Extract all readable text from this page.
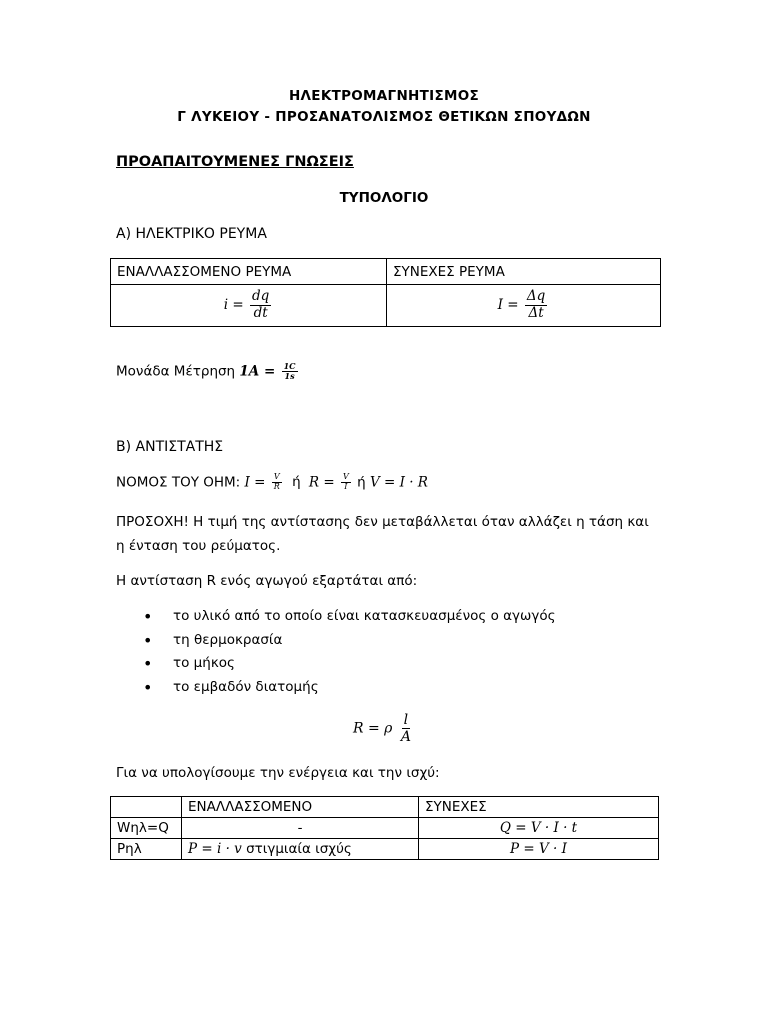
ΗΛΕΚΤΡΟΜΑΓΝΗΤΙΣΜΟΣ
Γ ΛΥΚΕΙΟΥ - ΠΡΟΣΑΝΑΤΟΛΙΣΜΟΣ ΘΕΤΙΚΩΝ ΣΠΟΥΔΩΝ
ΠΡΟΑΠΑΙΤΟΥΜΕΝΕΣ ΓΝΩΣΕΙΣ
ΤΥΠΟΛΟΓΙΟ
Α) ΗΛΕΚΤΡΙΚΟ ΡΕΥΜΑ
ΕΝΑΛΛΑΣΣΟΜΕΝΟ ΡΕΥΜΑ	ΣΥΝΕΧΕΣ ΡΕΥΜΑ
$i = \frac{dq}{dt}$	$I = \frac{\Delta q}{\Delta t}$
Μονάδα Μέτρηση $1A = \frac{1C}{1s}$
Β) ΑΝΤΙΣΤΑΤΗΣ
ΝΟΜΟΣ ΤΟΥ ΟΗΜ: $I = \frac{V}{R}$ ή $R = \frac{V}{I}$ ή V = I · R
ΠΡΟΣΟΧΗ! Η τιμή της αντίστασης δεν μεταβάλλεται όταν αλλάζει η τάση και
η ένταση του ρεύματος.
Η αντίσταση R ενός αγωγού εξαρτάται από:
• το υλικό από το οποίο είναι κατασκευασμένος ο αγωγός
• τη θερμοκρασία
• το μήκος
• το εμβαδόν διατομής
R = ρ $\frac{l}{A}$
Για να υπολογίσουμε την ενέργεια και την ισχύ:
	ΕΝΑΛΛΑΣΣΟΜΕΝΟ	ΣΥΝΕΧΕΣ
Wηλ=Q	-	Q = V · I · t
Pηλ	P = i · v στιγμιαία ισχύς	P = V · I
